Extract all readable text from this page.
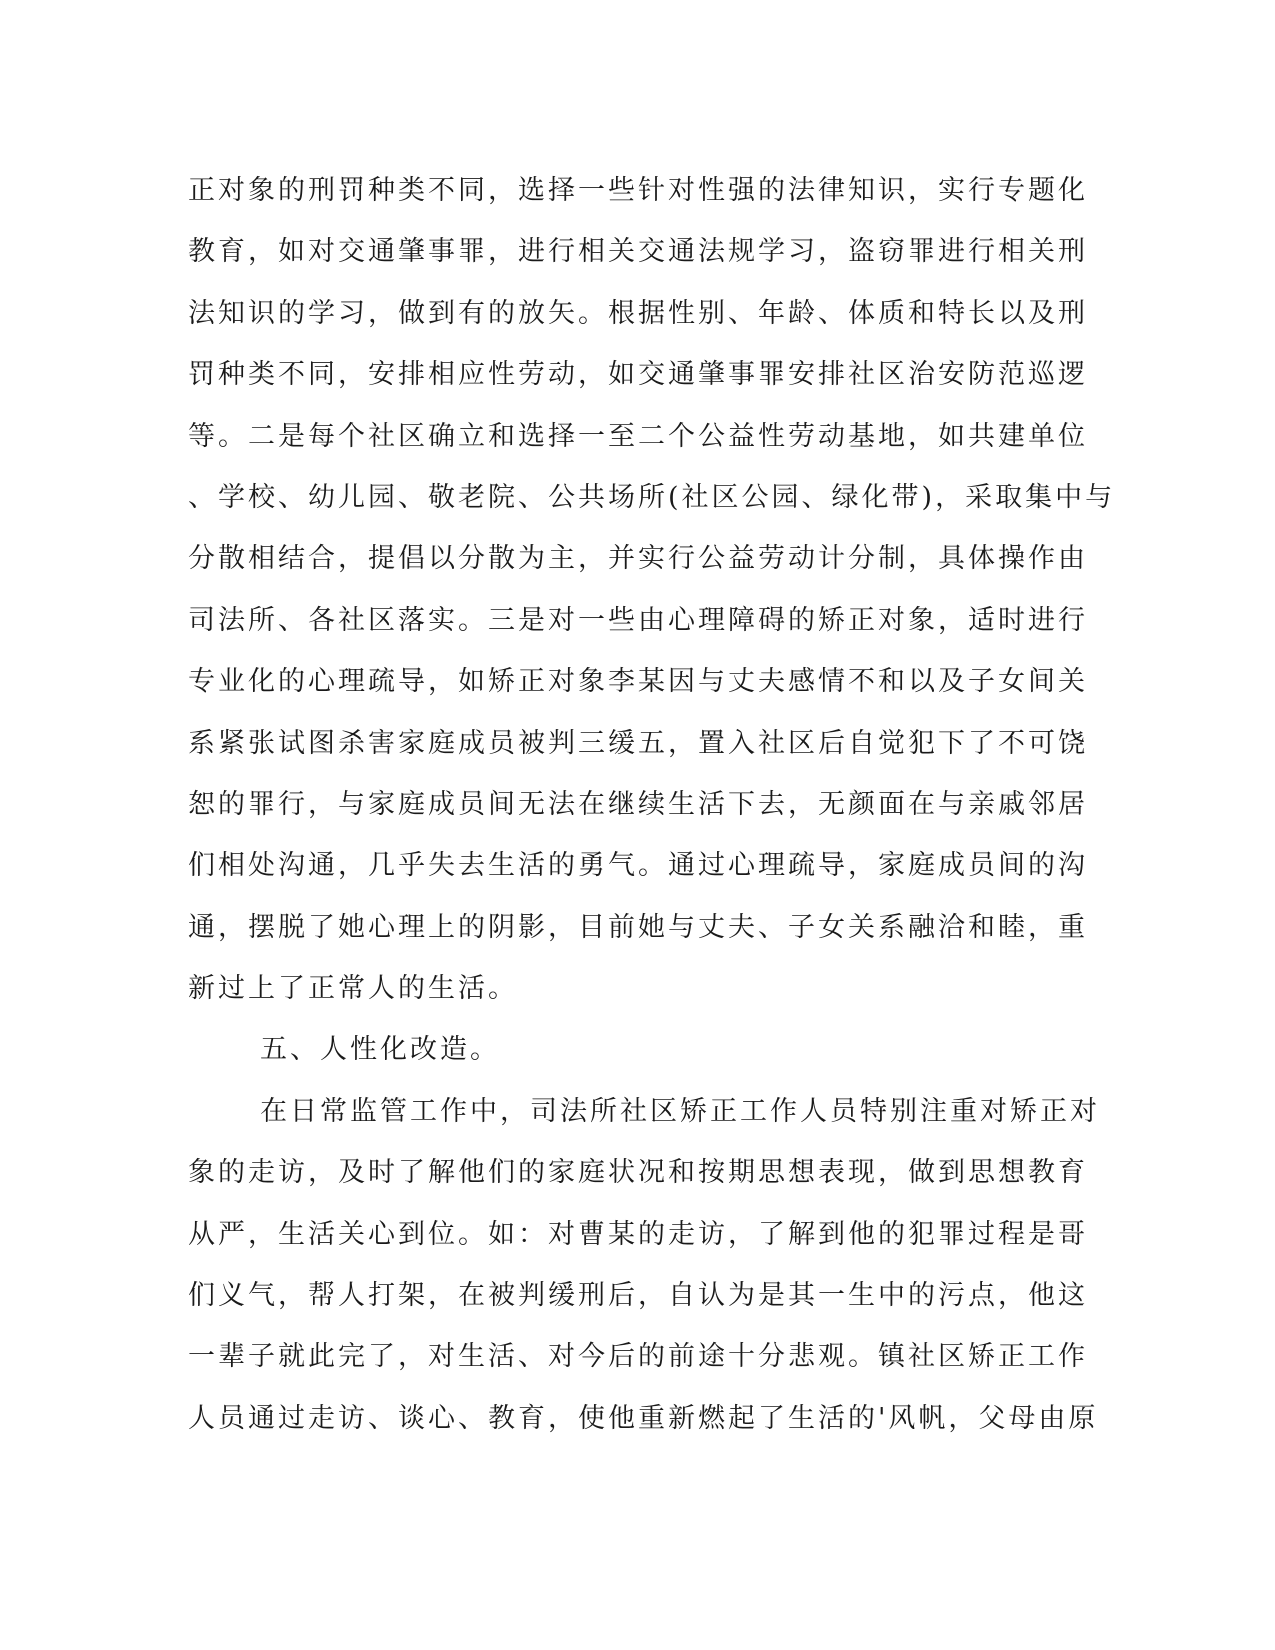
正对象的刑罚种类不同，选择一些针对性强的法律知识，实行专题化
教育，如对交通肇事罪，进行相关交通法规学习，盗窃罪进行相关刑
法知识的学习，做到有的放矢。根据性别、年龄、体质和特长以及刑
罚种类不同，安排相应性劳动，如交通肇事罪安排社区治安防范巡逻
等。二是每个社区确立和选择一至二个公益性劳动基地，如共建单位
、学校、幼儿园、敬老院、公共场所(社区公园、绿化带)，采取集中与
分散相结合，提倡以分散为主，并实行公益劳动计分制，具体操作由
司法所、各社区落实。三是对一些由心理障碍的矫正对象，适时进行
专业化的心理疏导，如矫正对象李某因与丈夫感情不和以及子女间关
系紧张试图杀害家庭成员被判三缓五，置入社区后自觉犯下了不可饶
恕的罪行，与家庭成员间无法在继续生活下去，无颜面在与亲戚邻居
们相处沟通，几乎失去生活的勇气。通过心理疏导，家庭成员间的沟
通，摆脱了她心理上的阴影，目前她与丈夫、子女关系融洽和睦，重
新过上了正常人的生活。
五、人性化改造。
在日常监管工作中，司法所社区矫正工作人员特别注重对矫正对
象的走访，及时了解他们的家庭状况和按期思想表现，做到思想教育
从严，生活关心到位。如：对曹某的走访，了解到他的犯罪过程是哥
们义气，帮人打架，在被判缓刑后，自认为是其一生中的污点，他这
一辈子就此完了，对生活、对今后的前途十分悲观。镇社区矫正工作
人员通过走访、谈心、教育，使他重新燃起了生活的'风帆，父母由原
